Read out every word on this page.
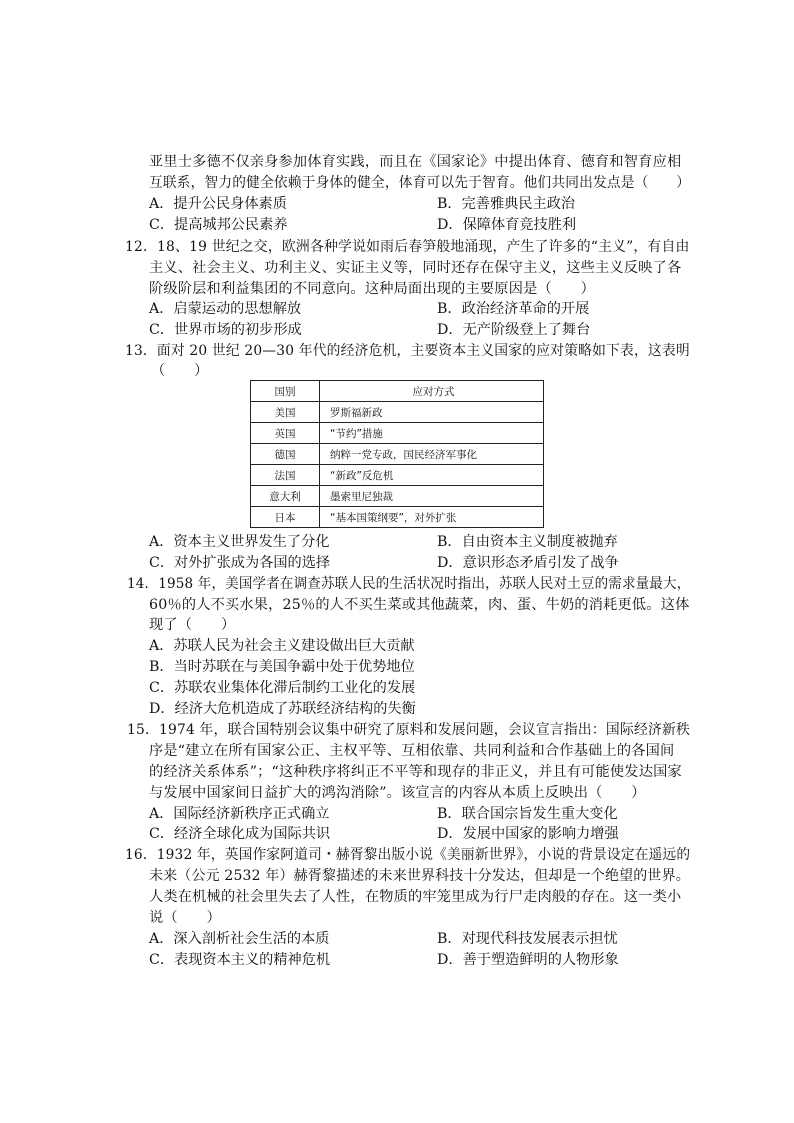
亚里士多德不仅亲身参加体育实践，而且在《国家论》中提出体育、德育和智育应相
互联系，智力的健全依赖于身体的健全，体育可以先于智育。他们共同出发点是（　　）
A．提升公民身体素质	B．完善雅典民主政治
C．提高城邦公民素养	D．保障体育竞技胜利
12．18、19 世纪之交，欧洲各种学说如雨后春笋般地涌现，产生了许多的“主义”，有自由
主义、社会主义、功利主义、实证主义等，同时还存在保守主义，这些主义反映了各
阶级阶层和利益集团的不同意向。这种局面出现的主要原因是（　　）
A．启蒙运动的思想解放	B．政治经济革命的开展
C．世界市场的初步形成	D．无产阶级登上了舞台
13．面对 20 世纪 20—30 年代的经济危机，主要资本主义国家的应对策略如下表，这表明
（　　）
国别	应对方式
美国	罗斯福新政
英国	“节约”措施
德国	纳粹一党专政，国民经济军事化
法国	“新政”反危机
意大利	墨索里尼独裁
日本	“基本国策纲要”，对外扩张
A．资本主义世界发生了分化	B．自由资本主义制度被抛弃
C．对外扩张成为各国的选择	D．意识形态矛盾引发了战争
14．1958 年，美国学者在调查苏联人民的生活状况时指出，苏联人民对土豆的需求量最大，
60％的人不买水果，25％的人不买生菜或其他蔬菜，肉、蛋、牛奶的消耗更低。这体
现了（　　）
A．苏联人民为社会主义建设做出巨大贡献
B．当时苏联在与美国争霸中处于优势地位
C．苏联农业集体化滞后制约工业化的发展
D．经济大危机造成了苏联经济结构的失衡
15．1974 年，联合国特别会议集中研究了原料和发展问题，会议宣言指出：国际经济新秩
序是“建立在所有国家公正、主权平等、互相依靠、共同利益和合作基础上的各国间
的经济关系体系”；“这种秩序将纠正不平等和现存的非正义，并且有可能使发达国家
与发展中国家间日益扩大的鸿沟消除”。该宣言的内容从本质上反映出（　　）
A．国际经济新秩序正式确立	B．联合国宗旨发生重大变化
C．经济全球化成为国际共识	D．发展中国家的影响力增强
16．1932 年，英国作家阿道司・赫胥黎出版小说《美丽新世界》，小说的背景设定在遥远的
未来（公元 2532 年）赫胥黎描述的未来世界科技十分发达，但却是一个绝望的世界。
人类在机械的社会里失去了人性，在物质的牢笼里成为行尸走肉般的存在。这一类小
说（　　）
A．深入剖析社会生活的本质	B．对现代科技发展表示担忧
C．表现资本主义的精神危机	D．善于塑造鲜明的人物形象
